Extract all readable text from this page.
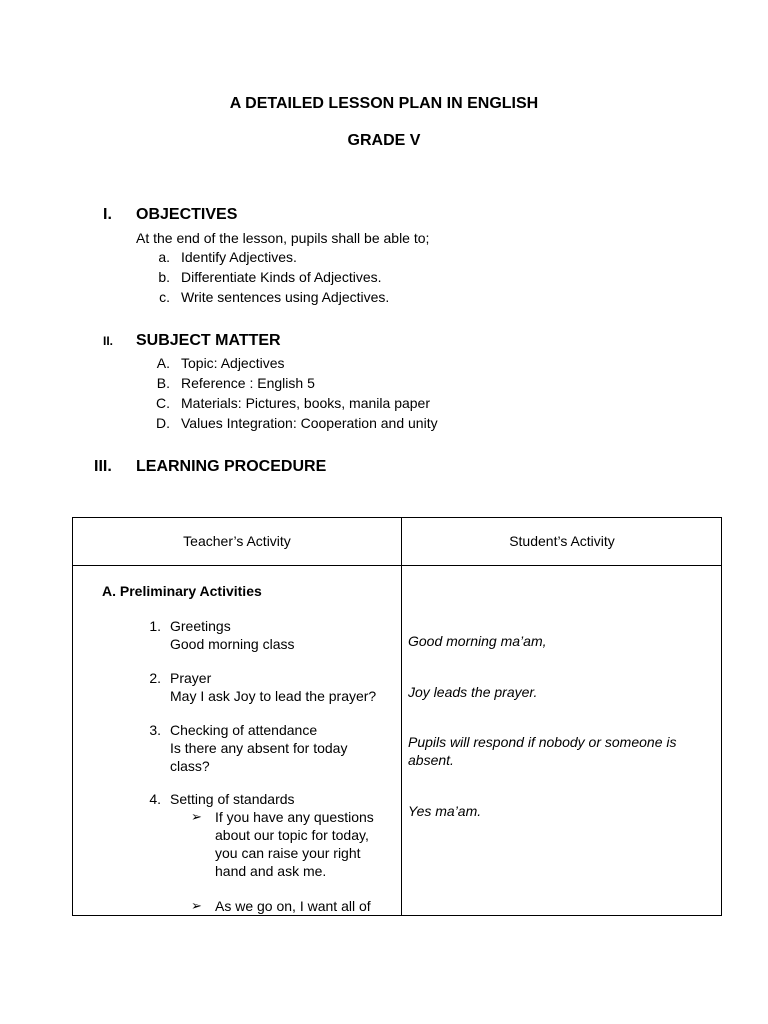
A DETAILED LESSON PLAN IN ENGLISH
GRADE V
I. OBJECTIVES
At the end of the lesson, pupils shall be able to;
a. Identify Adjectives.
b. Differentiate Kinds of Adjectives.
c. Write sentences using Adjectives.
II. SUBJECT MATTER
A. Topic: Adjectives
B. Reference : English 5
C. Materials: Pictures, books, manila paper
D. Values Integration: Cooperation and unity
III. LEARNING PROCEDURE
Teacher’s Activity	Student’s Activity
A. Preliminary Activities
1. Greetings
Good morning class	Good morning ma’am,
2. Prayer
May I ask Joy to lead the prayer? Joy leads the prayer.
3. Checking of attendance
Is there any absent for today
class?
Pupils will respond if nobody or someone is
absent.
4. Setting of standards
➢ If you have any questions
about our topic for today,
you can raise your right
hand and ask me.
➢ As we go on, I want all of
Yes ma’am.
